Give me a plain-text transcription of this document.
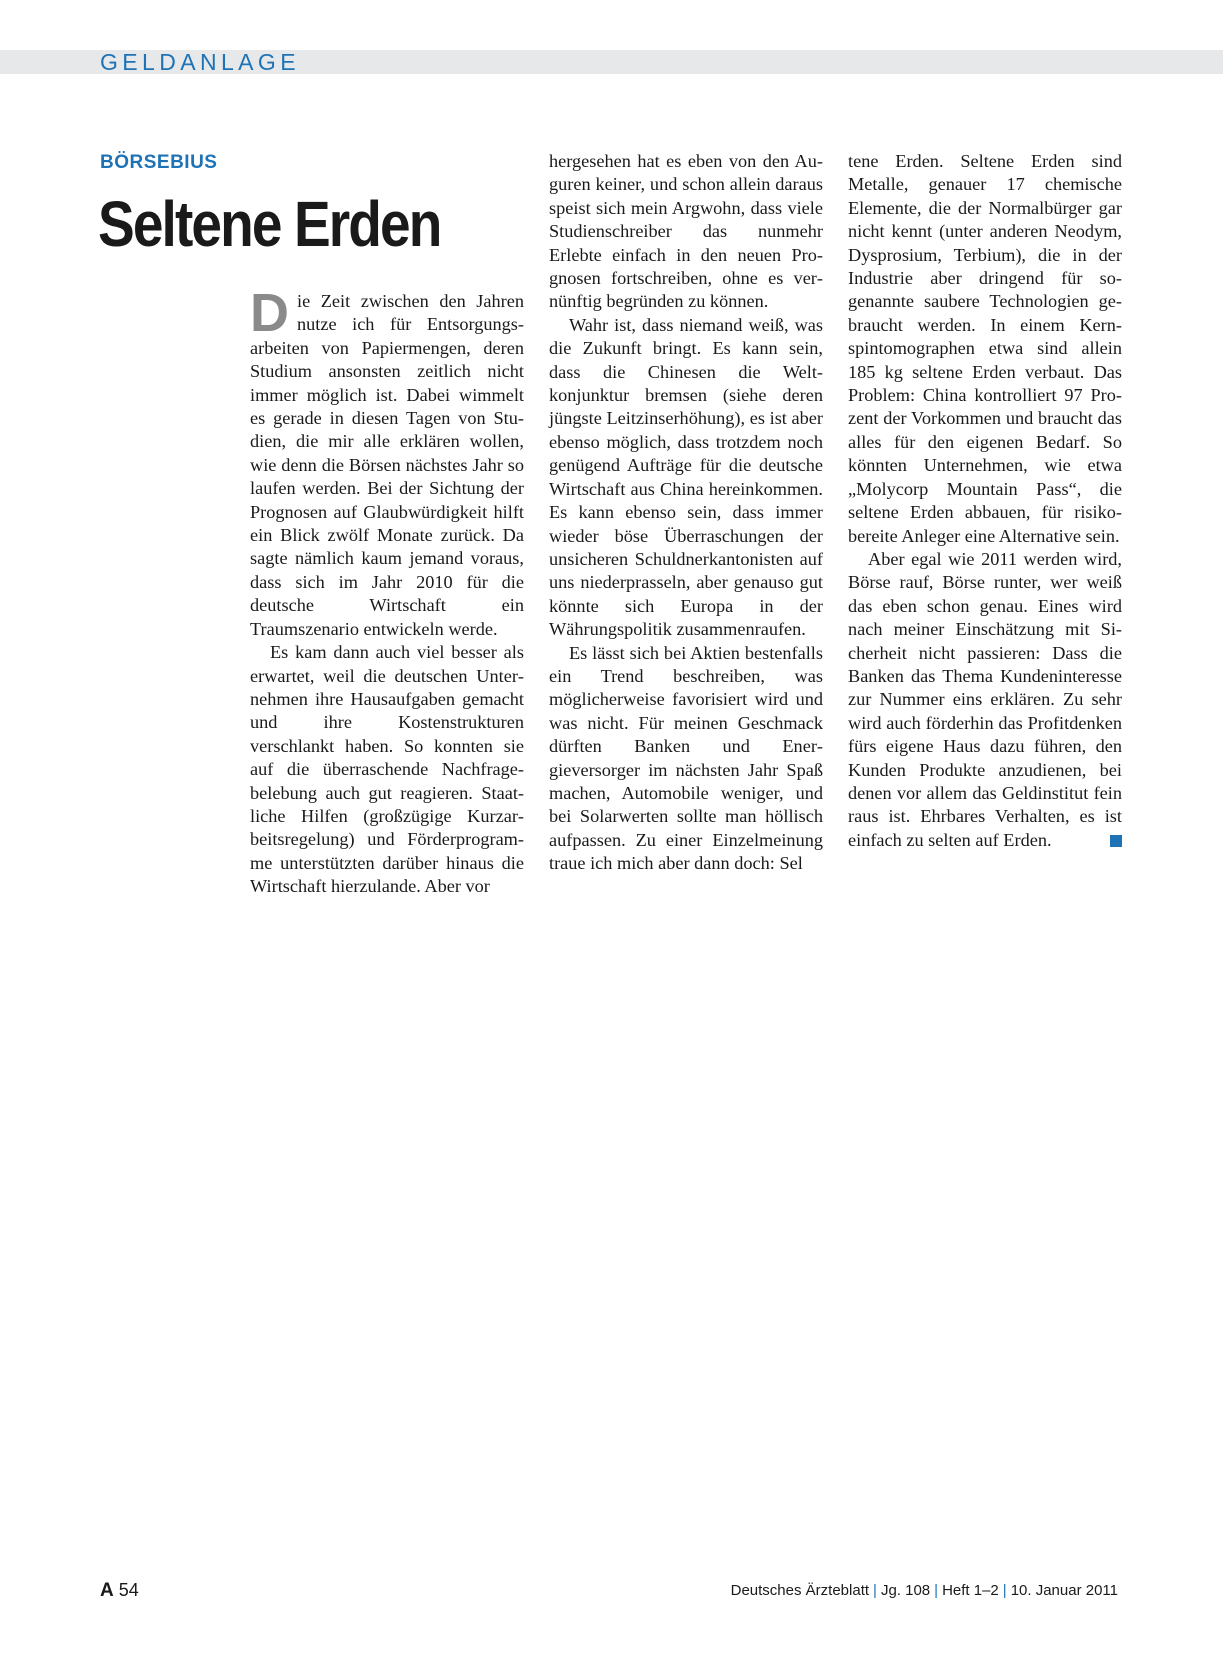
GELDANLAGE
BÖRSEBIUS
Seltene Erden

Die Zeit zwischen den Jahren nutze ich für Entsorgungsarbeiten von Papiermengen, deren Studium ansonsten zeitlich nicht immer möglich ist. Dabei wimmelt es gerade in diesen Tagen von Studien, die mir alle erklären wollen, wie denn die Börsen nächstes Jahr so laufen werden. Bei der Sichtung der Prognosen auf Glaubwürdigkeit hilft ein Blick zwölf Monate zurück. Da sagte nämlich kaum jemand voraus, dass sich im Jahr 2010 für die deutsche Wirtschaft ein Traumszenario entwickeln werde.

Es kam dann auch viel besser als erwartet, weil die deutschen Unternehmen ihre Hausaufgaben gemacht und ihre Kostenstrukturen verschlankt haben. So konnten sie auf die überraschende Nachfragebelebung auch gut reagieren. Staatliche Hilfen (großzügige Kurzarbeitsregelung) und Förderprogramme unterstützten darüber hinaus die Wirtschaft hierzulande. Aber vor

hergesehen hat es eben von den Auguren keiner, und schon allein daraus speist sich mein Argwohn, dass viele Studienschreiber das nunmehr Erlebte einfach in den neuen Prognosen fortschreiben, ohne es vernünftig begründen zu können.

Wahr ist, dass niemand weiß, was die Zukunft bringt. Es kann sein, dass die Chinesen die Weltkonjunktur bremsen (siehe deren jüngste Leitzinserhöhung), es ist aber ebenso möglich, dass trotzdem noch genügend Aufträge für die deutsche Wirtschaft aus China hereinkommen. Es kann ebenso sein, dass immer wieder böse Überraschungen der unsicheren Schuldnerkantonisten auf uns niederprasseln, aber genauso gut könnte sich Europa in der Währungspolitik zusammenraufen.

Es lässt sich bei Aktien bestenfalls ein Trend beschreiben, was möglicherweise favorisiert wird und was nicht. Für meinen Geschmack dürften Banken und Energieversorger im nächsten Jahr Spaß machen, Automobile weniger, und bei Solarwerten sollte man höllisch aufpassen. Zu einer Einzelmeinung traue ich mich aber dann doch: Sel

tene Erden. Seltene Erden sind Metalle, genauer 17 chemische Elemente, die der Normalbürger gar nicht kennt (unter anderen Neodym, Dysprosium, Terbium), die in der Industrie aber dringend für sogenannte saubere Technologien gebraucht werden. In einem Kernspintomographen etwa sind allein 185 kg seltene Erden verbaut. Das Problem: China kontrolliert 97 Prozent der Vorkommen und braucht das alles für den eigenen Bedarf. So könnten Unternehmen, wie etwa „Molycorp Mountain Pass“, die seltene Erden abbauen, für risikobereite Anleger eine Alternative sein.

Aber egal wie 2011 werden wird, Börse rauf, Börse runter, wer weiß das eben schon genau. Eines wird nach meiner Einschätzung mit Sicherheit nicht passieren: Dass die Banken das Thema Kundeninteresse zur Nummer eins erklären. Zu sehr wird auch förderhin das Profitdenken fürs eigene Haus dazu führen, den Kunden Produkte anzudienen, bei denen vor allem das Geldinstitut fein raus ist. Ehrbares Verhalten, es ist einfach zu selten auf Erden.

A 54	Deutsches Ärzteblatt | Jg. 108 | Heft 1–2 | 10. Januar 2011
